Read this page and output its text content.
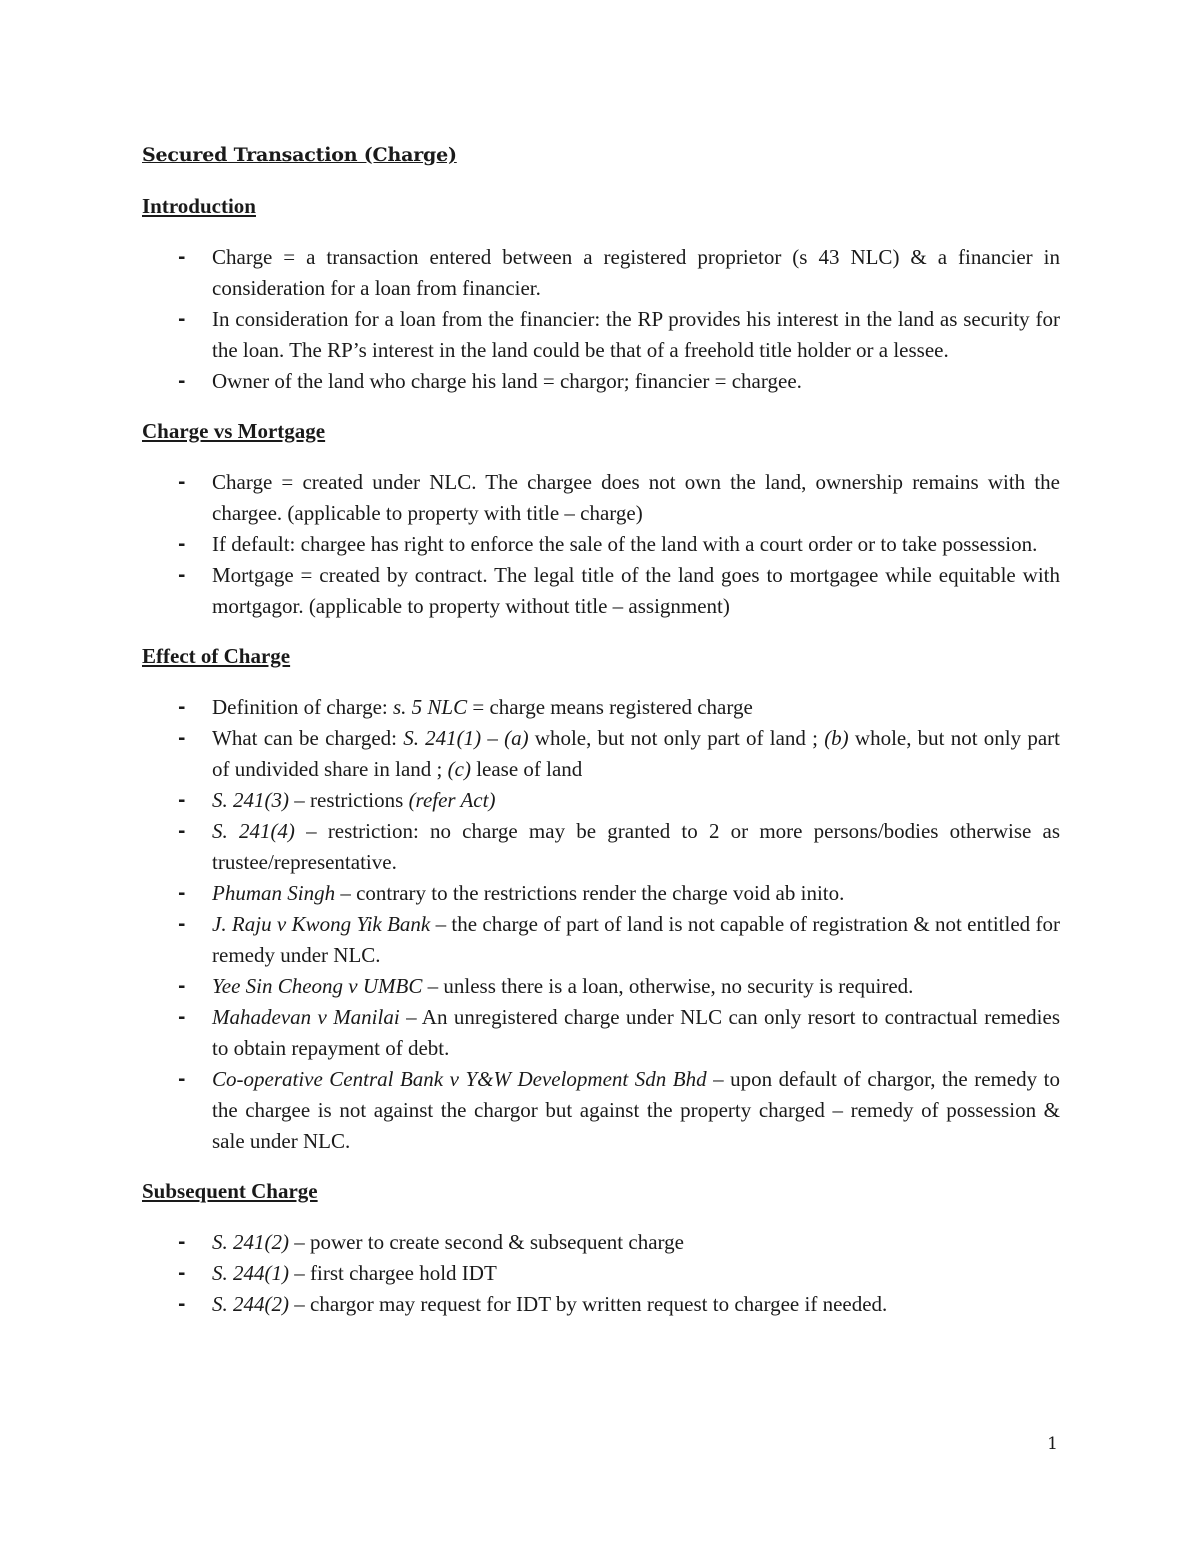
Secured Transaction (Charge)
Introduction
- Charge = a transaction entered between a registered proprietor (s 43 NLC) & a financier in consideration for a loan from financier.
- In consideration for a loan from the financier: the RP provides his interest in the land as security for the loan. The RP’s interest in the land could be that of a freehold title holder or a lessee.
- Owner of the land who charge his land = chargor; financier = chargee.
Charge vs Mortgage
- Charge = created under NLC. The chargee does not own the land, ownership remains with the chargee. (applicable to property with title – charge)
- If default: chargee has right to enforce the sale of the land with a court order or to take possession.
- Mortgage = created by contract. The legal title of the land goes to mortgagee while equitable with mortgagor. (applicable to property without title – assignment)
Effect of Charge
- Definition of charge: s. 5 NLC = charge means registered charge
- What can be charged: S. 241(1) – (a) whole, but not only part of land ; (b) whole, but not only part of undivided share in land ; (c) lease of land
- S. 241(3) – restrictions (refer Act)
- S. 241(4) – restriction: no charge may be granted to 2 or more persons/bodies otherwise as trustee/representative.
- Phuman Singh – contrary to the restrictions render the charge void ab inito.
- J. Raju v Kwong Yik Bank – the charge of part of land is not capable of registration & not entitled for remedy under NLC.
- Yee Sin Cheong v UMBC – unless there is a loan, otherwise, no security is required.
- Mahadevan v Manilai – An unregistered charge under NLC can only resort to contractual remedies to obtain repayment of debt.
- Co-operative Central Bank v Y&W Development Sdn Bhd – upon default of chargor, the remedy to the chargee is not against the chargor but against the property charged – remedy of possession & sale under NLC.
Subsequent Charge
- S. 241(2) – power to create second & subsequent charge
- S. 244(1) – first chargee hold IDT
- S. 244(2) – chargor may request for IDT by written request to chargee if needed.
1
